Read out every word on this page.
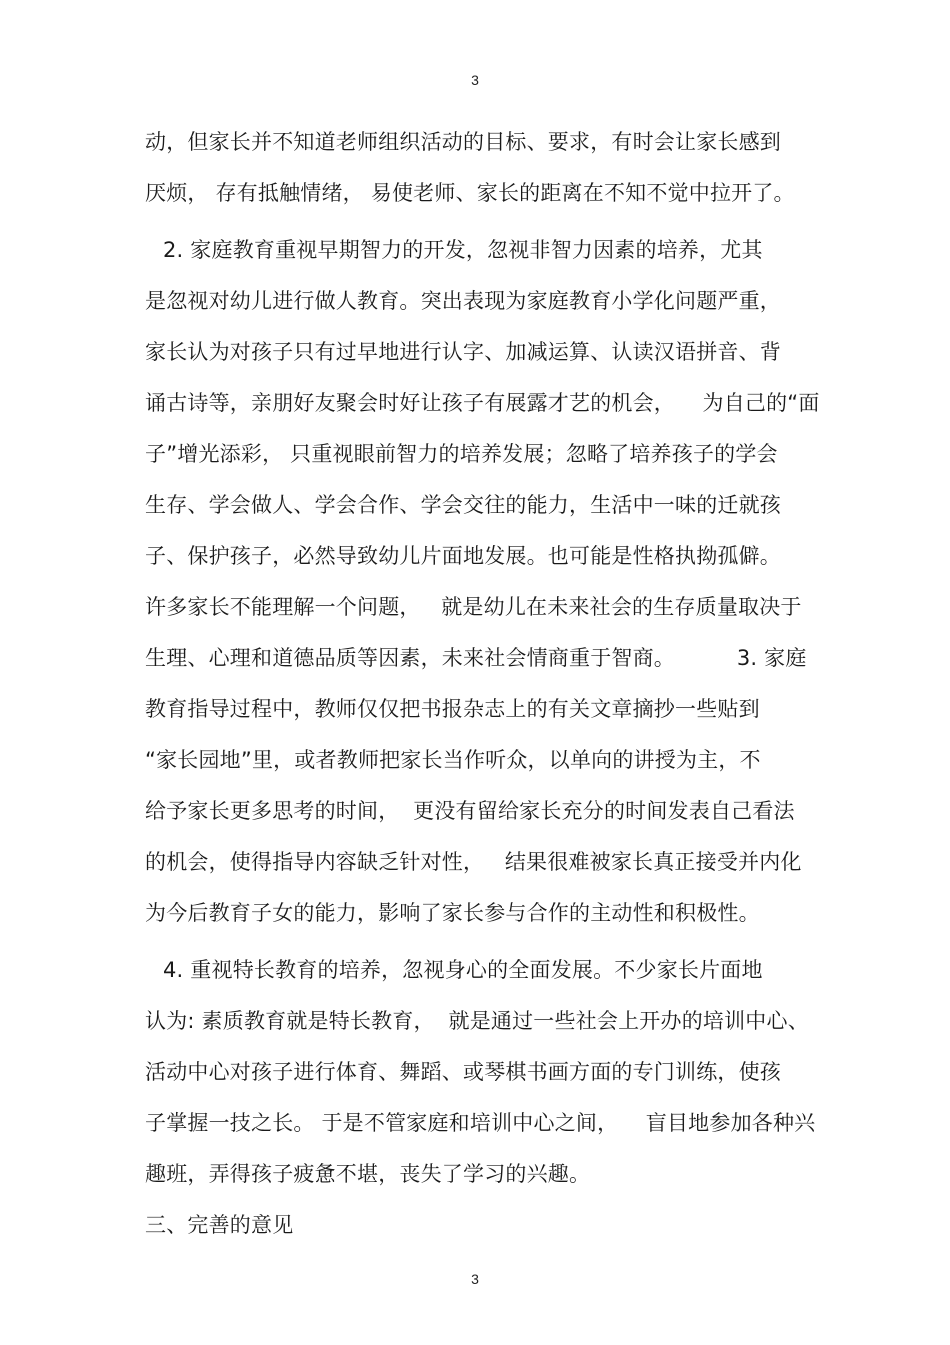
3
动，但家长并不知道老师组织活动的目标、要求，有时会让家长感到
厌烦， 存有抵触情绪， 易使老师、家长的距离在不知不觉中拉开了。
2. 家庭教育重视早期智力的开发，忽视非智力因素的培养，尤其
是忽视对幼儿进行做人教育。突出表现为家庭教育小学化问题严重，
家长认为对孩子只有过早地进行认字、加减运算、认读汉语拼音、背
诵古诗等，亲朋好友聚会时好让孩子有展露才艺的机会，    为自己的“面
子”增光添彩， 只重视眼前智力的培养发展；忽略了培养孩子的学会
生存、学会做人、学会合作、学会交往的能力，生活中一味的迁就孩
子、保护孩子，必然导致幼儿片面地发展。也可能是性格执拗孤僻。
许多家长不能理解一个问题，   就是幼儿在未来社会的生存质量取决于
生理、心理和道德品质等因素，未来社会情商重于智商。         3. 家庭
教育指导过程中，教师仅仅把书报杂志上的有关文章摘抄一些贴到
“家长园地”里，或者教师把家长当作听众，以单向的讲授为主，不
给予家长更多思考的时间，  更没有留给家长充分的时间发表自己看法
的机会，使得指导内容缺乏针对性，   结果很难被家长真正接受并内化
为今后教育子女的能力，影响了家长参与合作的主动性和积极性。
4. 重视特长教育的培养，忽视身心的全面发展。不少家长片面地
认为: 素质教育就是特长教育，  就是通过一些社会上开办的培训中心、
活动中心对孩子进行体育、舞蹈、或琴棋书画方面的专门训练，使孩
子掌握一技之长。 于是不管家庭和培训中心之间，    盲目地参加各种兴
趣班，弄得孩子疲惫不堪，丧失了学习的兴趣。
三、完善的意见
3
